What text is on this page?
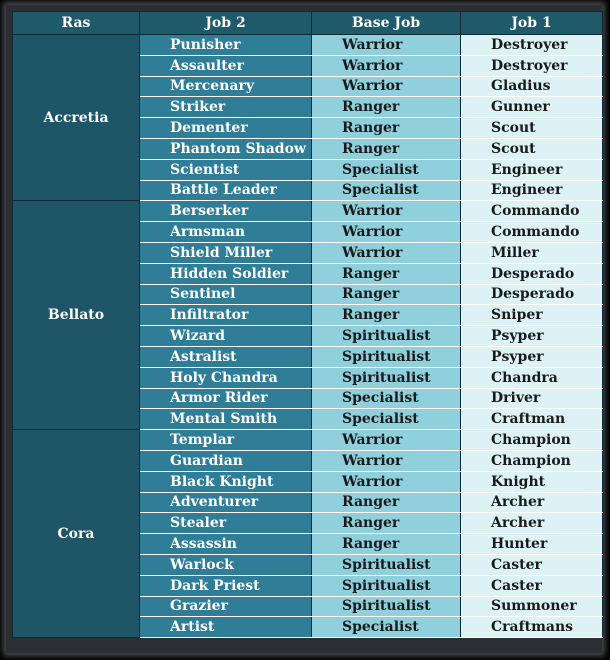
Ras	Job 2	Base Job	Job 1
Accretia	Punisher	Warrior	Destroyer
	Assaulter	Warrior	Destroyer
	Mercenary	Warrior	Gladius
	Striker	Ranger	Gunner
	Dementer	Ranger	Scout
	Phantom Shadow	Ranger	Scout
	Scientist	Specialist	Engineer
	Battle Leader	Specialist	Engineer
Bellato	Berserker	Warrior	Commando
	Armsman	Warrior	Commando
	Shield Miller	Warrior	Miller
	Hidden Soldier	Ranger	Desperado
	Sentinel	Ranger	Desperado
	Infiltrator	Ranger	Sniper
	Wizard	Spiritualist	Psyper
	Astralist	Spiritualist	Psyper
	Holy Chandra	Spiritualist	Chandra
	Armor Rider	Specialist	Driver
	Mental Smith	Specialist	Craftman
Cora	Templar	Warrior	Champion
	Guardian	Warrior	Champion
	Black Knight	Warrior	Knight
	Adventurer	Ranger	Archer
	Stealer	Ranger	Archer
	Assassin	Ranger	Hunter
	Warlock	Spiritualist	Caster
	Dark Priest	Spiritualist	Caster
	Grazier	Spiritualist	Summoner
	Artist	Specialist	Craftmans
